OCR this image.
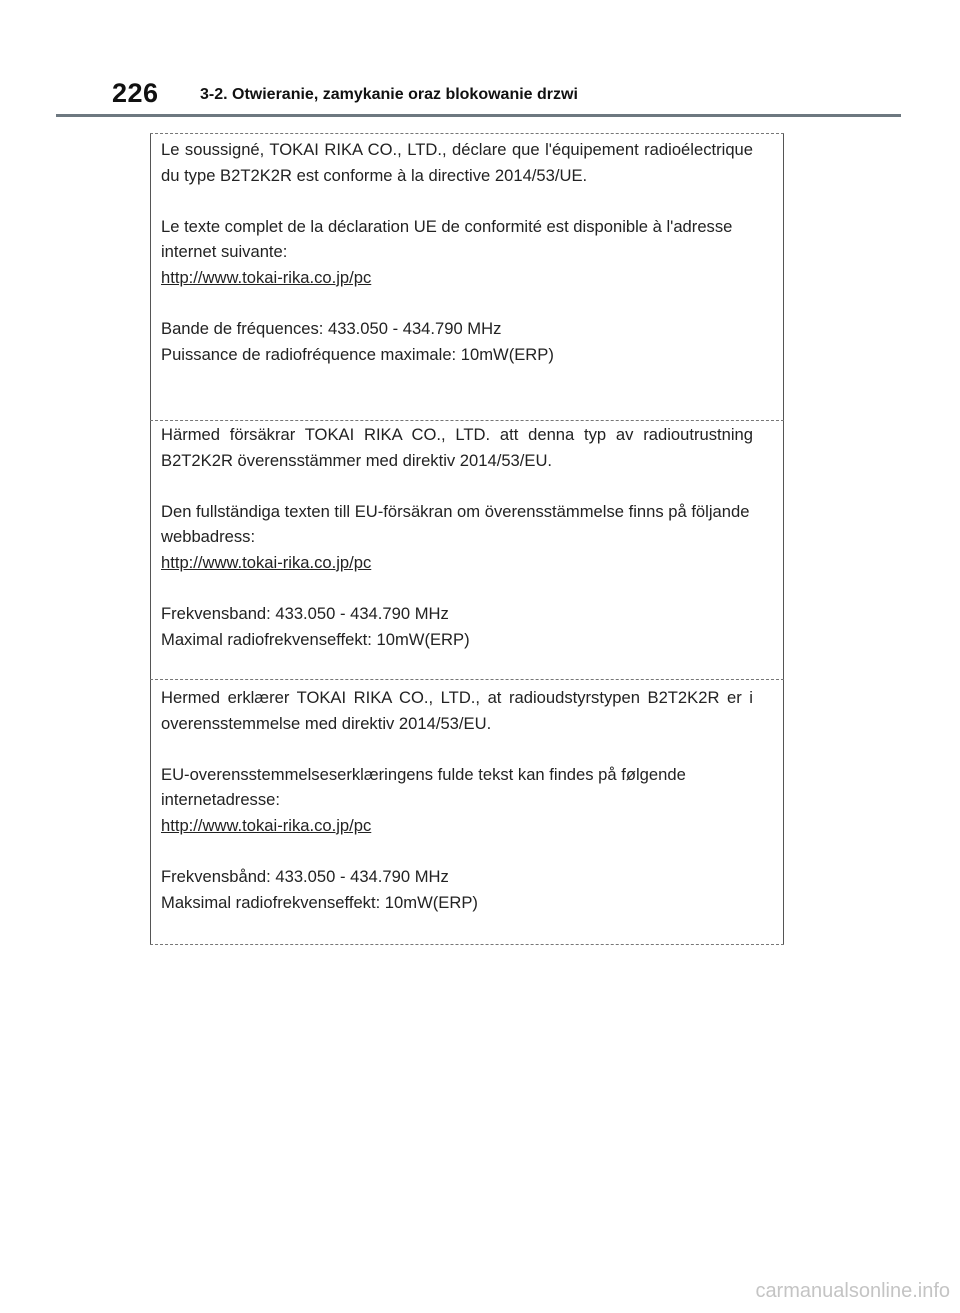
226	3-2. Otwieranie, zamykanie oraz blokowanie drzwi

Le soussigné, TOKAI RIKA CO., LTD., déclare que l'équipement radioélectrique du type B2T2K2R est conforme à la directive 2014/53/UE.

Le texte complet de la déclaration UE de conformité est disponible à l'adresse internet suivante:
http://www.tokai-rika.co.jp/pc

Bande de fréquences: 433.050 - 434.790 MHz
Puissance de radiofréquence maximale: 10mW(ERP)

Härmed försäkrar TOKAI RIKA CO., LTD. att denna typ av radioutrustning B2T2K2R överensstämmer med direktiv 2014/53/EU.

Den fullständiga texten till EU-försäkran om överensstämmelse finns på följande webbadress:
http://www.tokai-rika.co.jp/pc

Frekvensband: 433.050 - 434.790 MHz
Maximal radiofrekvenseffekt: 10mW(ERP)

Hermed erklærer TOKAI RIKA CO., LTD., at radioudstyrstypen B2T2K2R er i overensstemmelse med direktiv 2014/53/EU.

EU-overensstemmelseserklæringens fulde tekst kan findes på følgende internetadresse:
http://www.tokai-rika.co.jp/pc

Frekvensbånd: 433.050 - 434.790 MHz
Maksimal radiofrekvenseffekt: 10mW(ERP)

carmanualsonline.info
